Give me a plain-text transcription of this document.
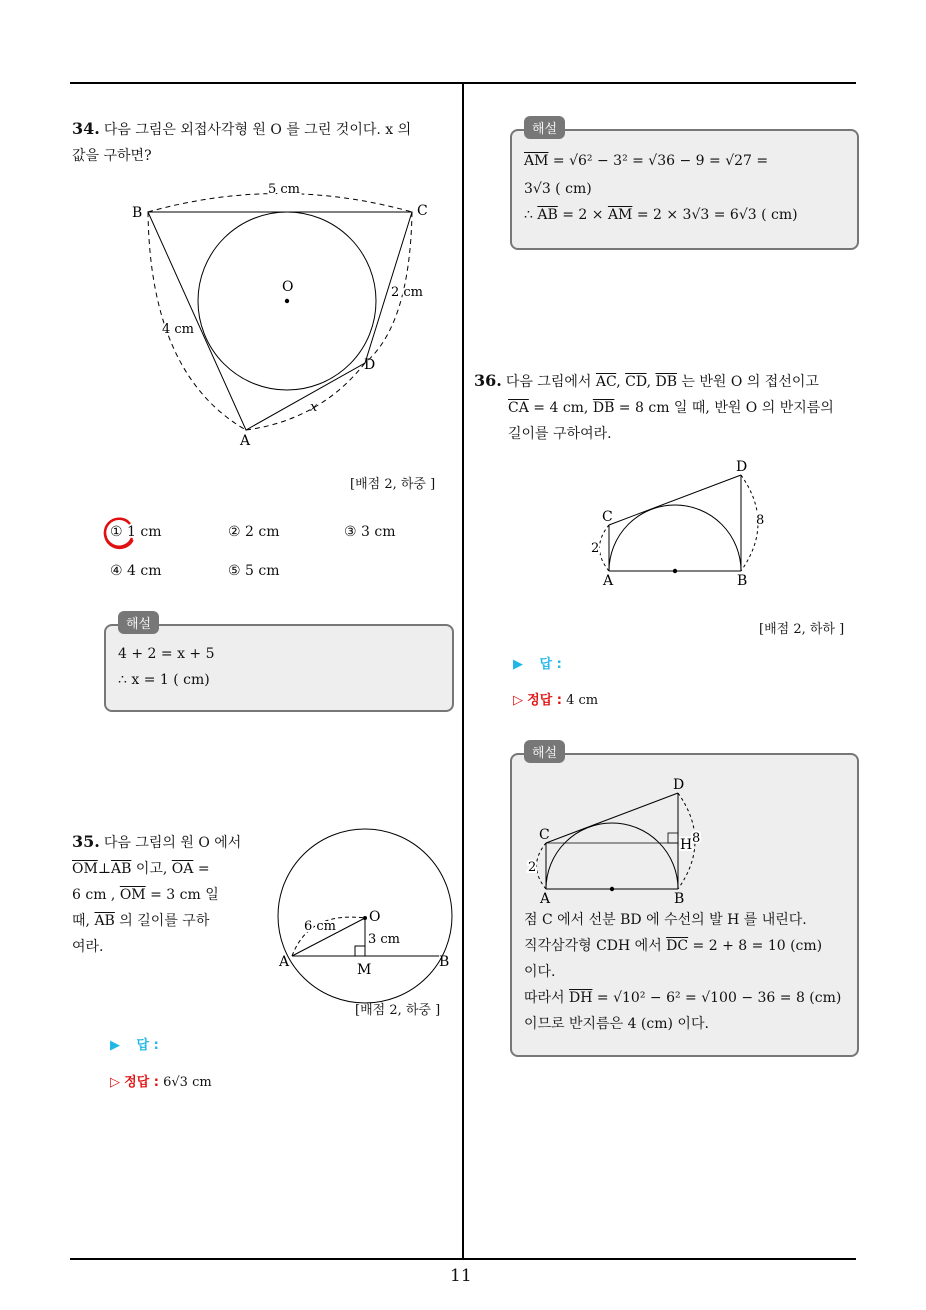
34. 다음 그림은 외접사각형 원 O 를 그린 것이다. x 의
값을 구하면?
O
B	C
D
A
5 cm
2 cm
4 cm
x
[배점 2, 하중 ]
① 1 cm	② 2 cm	③ 3 cm
④ 4 cm	⑤ 5 cm
4 + 2 = x + 5
∴ x = 1 ( cm)
해설
35. 다음 그림의 원 O 에서
$\overline{OM}\perp\overline{AB}$ 이고, $\overline{OA}$ =
6 cm , $\overline{OM} = 3$ cm 일
때, $\overline{AB}$ 의 길이를 구하
여라.
O
A	B
M
6 cm
3 cm
[배점 2, 하중 ]
▶ 답 :
▷ 정답 : 6√3 cm
$\overline{AM} = √6^2 - 3^2 = √36 - 9 = √27$ =
3√3 ( cm)
∴ $\overline{AB} = 2 \times \overline{AM} = 2 \times 3√3 = 6√3$ ( cm)
해설
36. 다음 그림에서 $\overline{AC}$, $\overline{CD}$, $\overline{DB}$ 는 반원 O 의 접선이고
$\overline{CA} = 4$ cm, $\overline{DB} = 8$ cm 일 때, 반원 O 의 반지름의
길이를 구하여라.
A	B
C
D
2
8
[배점 2, 하하 ]
▶ 답 :
▷ 정답 : 4 cm
A	B
C
D
H
2
8
점 C 에서 선분 BD 에 수선의 발 H 를 내린다.
직각삼각형 CDH 에서 $\overline{DC} = 2 + 8 = 10$ (cm)
이다.
따라서 $\overline{DH} = √10^2 - 6^2 = √100 - 36 = 8$ (cm)
이므로 반지름은 4 (cm) 이다.
해설
11
